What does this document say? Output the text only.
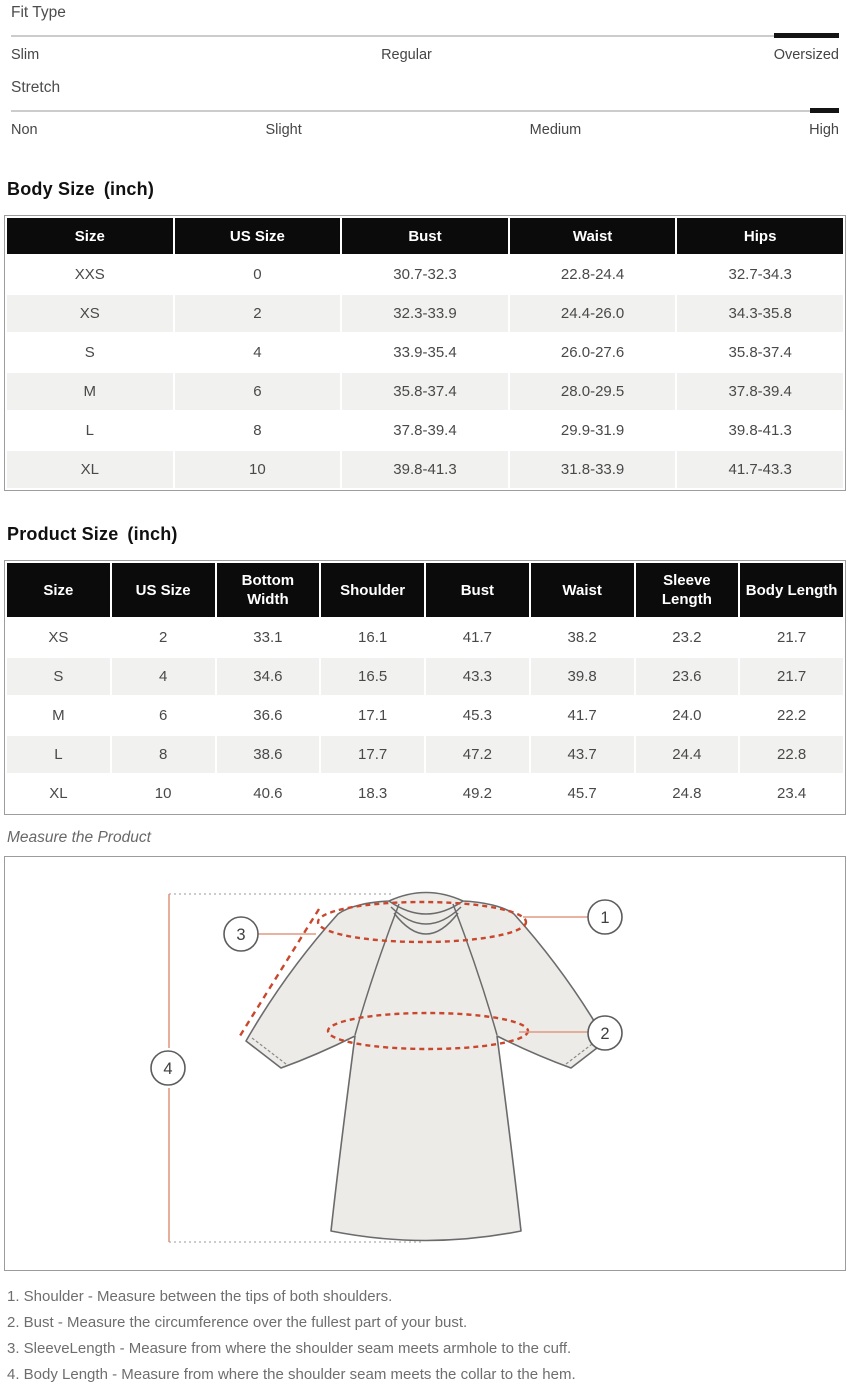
Fit Type
Slim	Regular	Oversized
Stretch
Non	Slight	Medium	High
Body Size (inch)
Size	US Size	Bust	Waist	Hips
XXS	0	30.7-32.3	22.8-24.4	32.7-34.3
XS	2	32.3-33.9	24.4-26.0	34.3-35.8
S	4	33.9-35.4	26.0-27.6	35.8-37.4
M	6	35.8-37.4	28.0-29.5	37.8-39.4
L	8	37.8-39.4	29.9-31.9	39.8-41.3
XL	10	39.8-41.3	31.8-33.9	41.7-43.3
Product Size (inch)
Size	US Size	Bottom Width	Shoulder	Bust	Waist	Sleeve Length	Body Length
XS	2	33.1	16.1	41.7	38.2	23.2	21.7
S	4	34.6	16.5	43.3	39.8	23.6	21.7
M	6	36.6	17.1	45.3	41.7	24.0	22.2
L	8	38.6	17.7	47.2	43.7	24.4	22.8
XL	10	40.6	18.3	49.2	45.7	24.8	23.4
Measure the Product
1
2
3
4
1. Shoulder - Measure between the tips of both shoulders.
2. Bust - Measure the circumference over the fullest part of your bust.
3. SleeveLength - Measure from where the shoulder seam meets armhole to the cuff.
4. Body Length - Measure from where the shoulder seam meets the collar to the hem.
